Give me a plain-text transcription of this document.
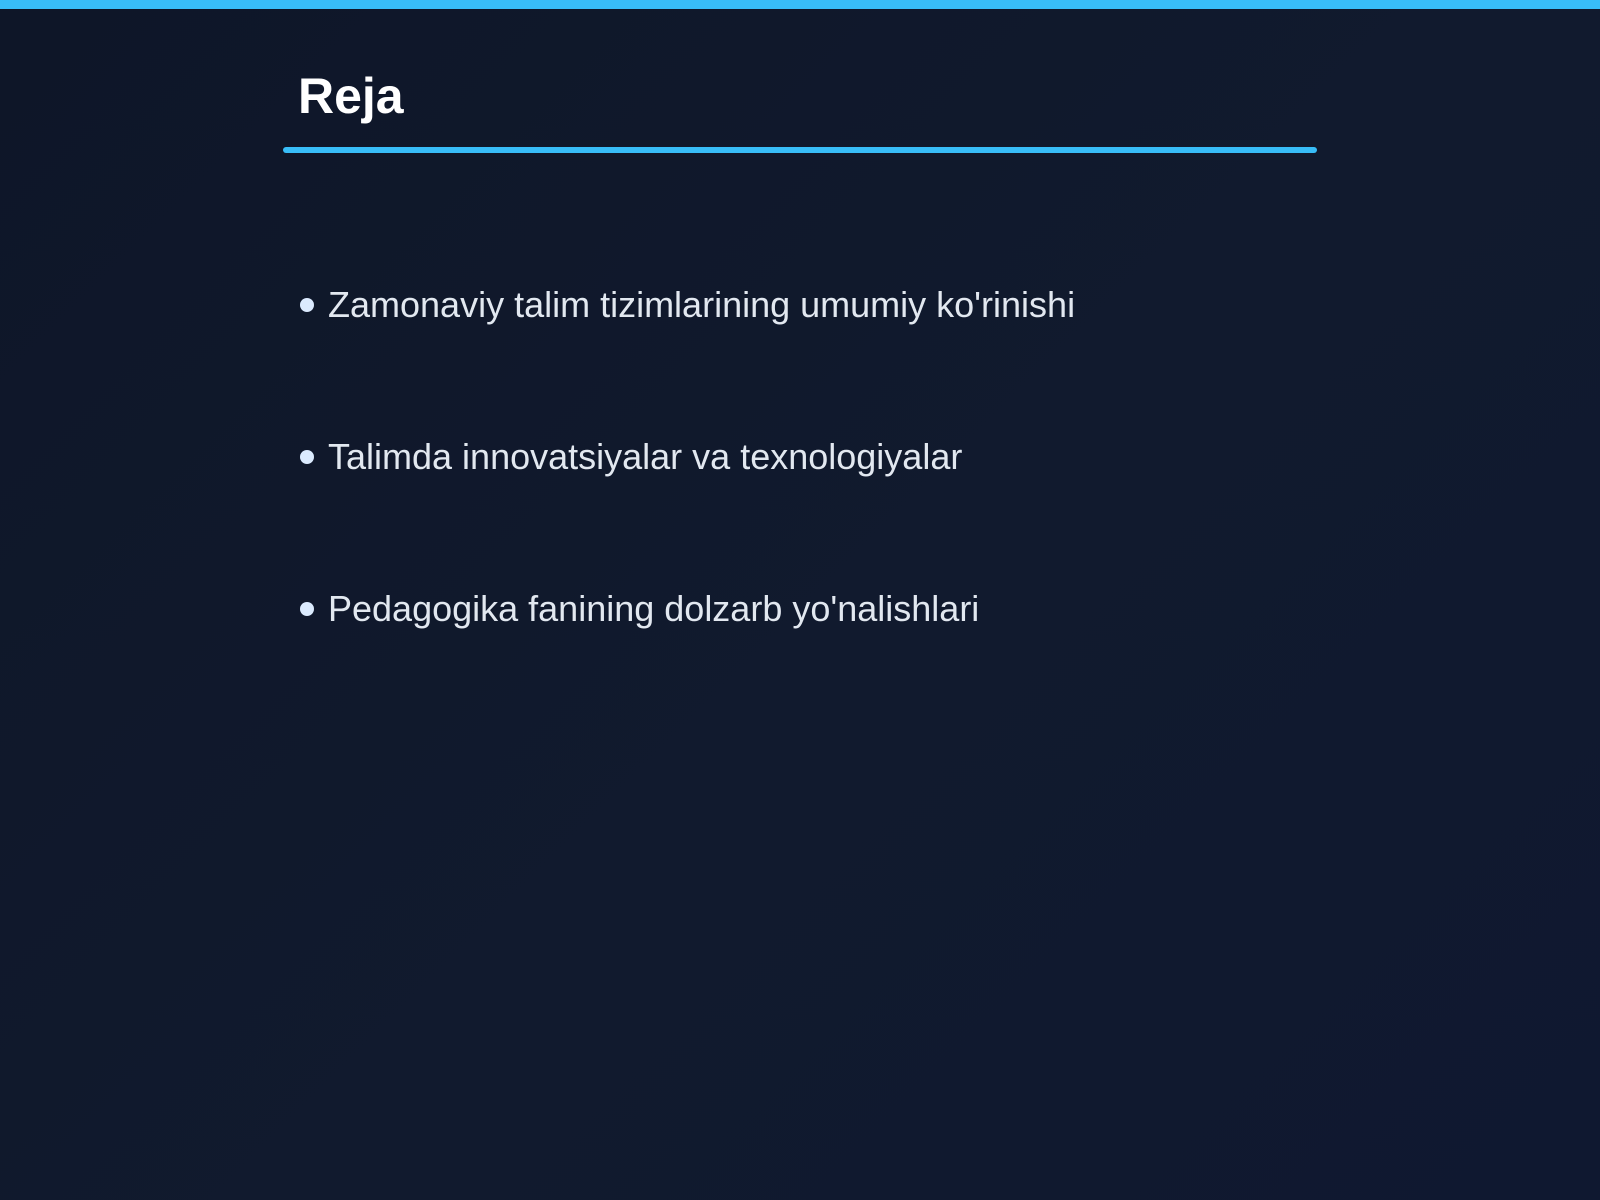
Reja
Zamonaviy talim tizimlarining umumiy ko'rinishi
Talimda innovatsiyalar va texnologiyalar
Pedagogika fanining dolzarb yo'nalishlari
